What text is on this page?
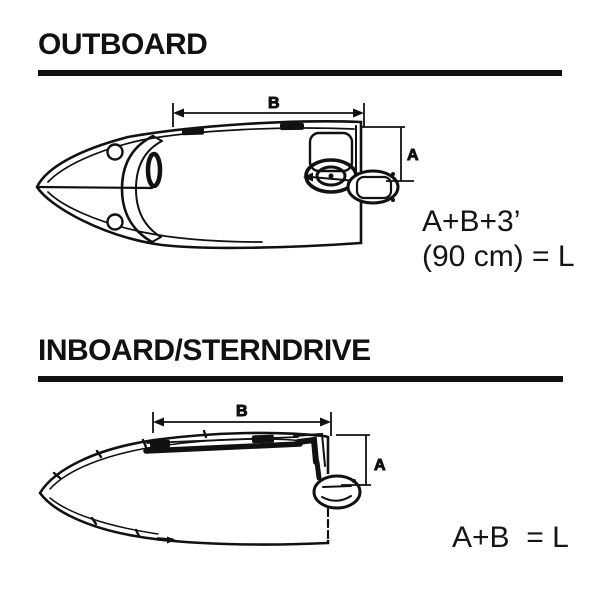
B
A
B
A
OUTBOARD
A+B+3’
(90 cm) = L
INBOARD/STERNDRIVE
A+B  = L
